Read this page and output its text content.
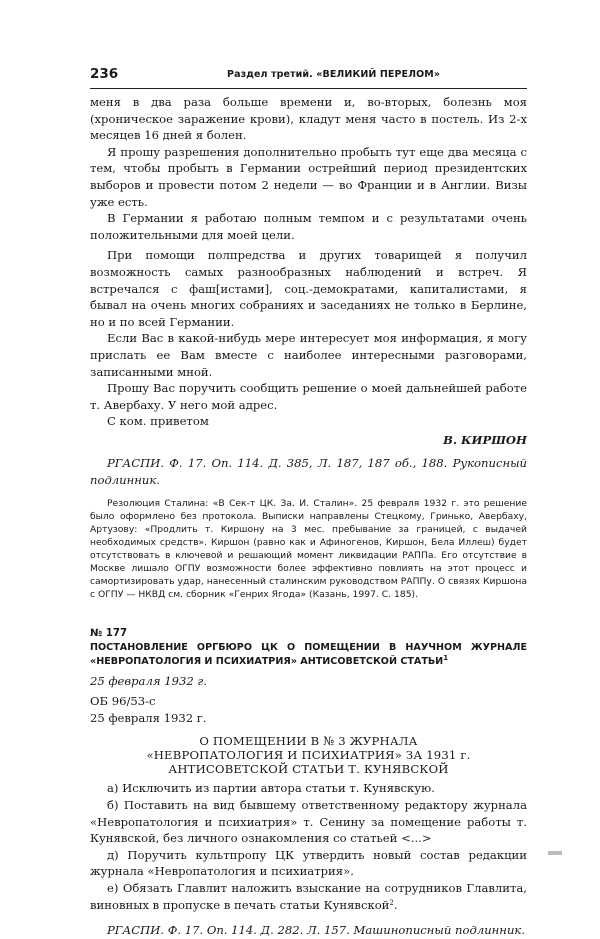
236	Раздел третий. «ВЕЛИКИЙ ПЕРЕЛОМ»

меня в два раза больше времени и, во-вторых, болезнь моя (хроническое заражение крови), кладут меня часто в постель. Из 2-х месяцев 16 дней я болен.

Я прошу разрешения дополнительно пробыть тут еще два месяца с тем, чтобы пробыть в Германии острейший период президентских выборов и провести потом 2 недели — во Франции и в Англии. Визы уже есть.

В Германии я работаю полным темпом и с результатами очень положительными для моей цели.

При помощи полпредства и других товарищей я получил возможность самых разнообразных наблюдений и встреч. Я встречался с фаш[истами], соц.-демократами, капиталистами, я бывал на очень многих собраниях и заседаниях не только в Берлине, но и по всей Германии.

Если Вас в какой-нибудь мере интересует моя информация, я могу прислать ее Вам вместе с наиболее интересными разговорами, записанными мной.

Прошу Вас поручить сообщить решение о моей дальнейшей работе т. Авербаху. У него мой адрес.

С ком. приветом

В. КИРШОН

РГАСПИ. Ф. 17. Оп. 114. Д. 385, Л. 187, 187 об., 188. Рукописный подлинник.

Резолюция Сталина: «В Сек-т ЦК. За. И. Сталин». 25 февраля 1932 г. это решение было оформлено без протокола. Выписки направлены Стецкому, Гринько, Авербаху, Артузову: «Продлить т. Киршону на 3 мес. пребывание за границей, с выдачей необходимых средств». Киршон (равно как и Афиногенов, Киршон, Бела Иллеш) будет отсутствовать в ключевой и решающий момент ликвидации РАППа. Его отсутствие в Москве лишало ОГПУ возможности более эффективно повлиять на этот процесс и самортизировать удар, нанесенный сталинским руководством РАППу. О связях Киршона с ОГПУ — НКВД см. сборник «Генрих Ягода» (Казань, 1997. С. 185).

№ 177

ПОСТАНОВЛЕНИЕ ОРГБЮРО ЦК О ПОМЕЩЕНИИ В НАУЧНОМ ЖУРНАЛЕ «НЕВРОПАТОЛОГИЯ И ПСИХИАТРИЯ» АНТИСОВЕТСКОЙ СТАТЬИ$^1$

25 февраля 1932 г.

ОБ 96/53-с

25 февраля 1932 г.

О ПОМЕЩЕНИИ В № 3 ЖУРНАЛА

«НЕВРОПАТОЛОГИЯ И ПСИХИАТРИЯ» ЗА 1931 г.

АНТИСОВЕТСКОЙ СТАТЬИ Т. КУНЯВСКОЙ

а) Исключить из партии автора статьи т. Кунявскую.

б) Поставить на вид бывшему ответственному редактору журнала «Невропатология и психиатрия» т. Сенину за помещение работы т. Кунявской, без личного ознакомления со статьей <...>

д) Поручить культпропу ЦК утвердить новый состав редакции журнала «Невропатология и психиатрия».

е) Обязать Главлит наложить взыскание на сотрудников Главлита, виновных в пропуске в печать статьи Кунявской$^2$.

РГАСПИ. Ф. 17. Оп. 114. Д. 282. Л. 157. Машинописный подлинник.
